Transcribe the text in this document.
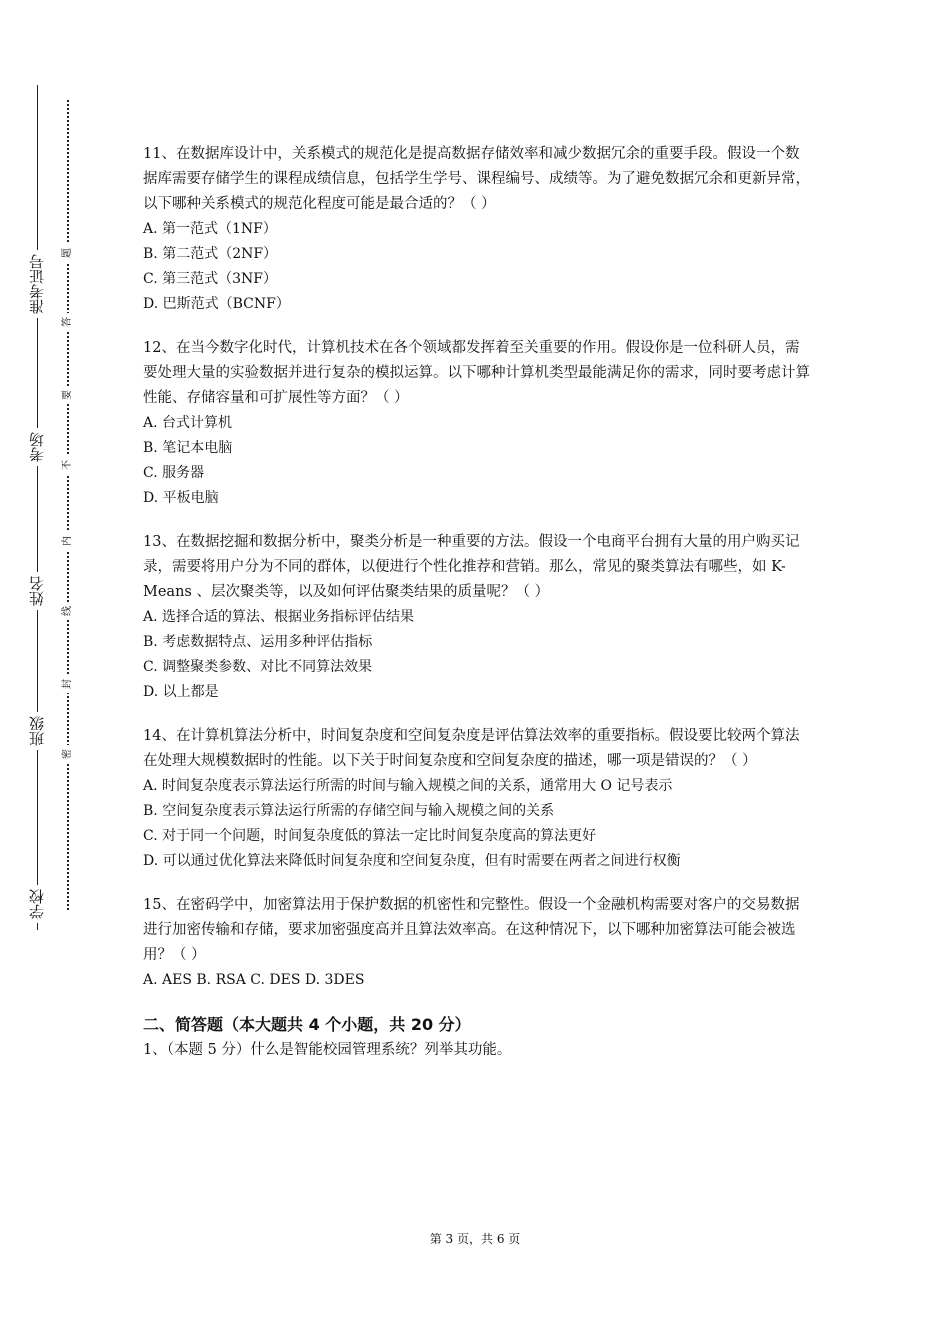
准考证号
考场
姓名
班级
学校
题
答
要
不
内
线
封
密

11、在数据库设计中，关系模式的规范化是提高数据存储效率和减少数据冗余的重要手段。假设一个数据库需要存储学生的课程成绩信息，包括学生学号、课程编号、成绩等。为了避免数据冗余和更新异常，以下哪种关系模式的规范化程度可能是最合适的？（ ）

A. 第一范式（1NF）

B. 第二范式（2NF）

C. 第三范式（3NF）

D. 巴斯范式（BCNF）

12、在当今数字化时代，计算机技术在各个领域都发挥着至关重要的作用。假设你是一位科研人员，需要处理大量的实验数据并进行复杂的模拟运算。以下哪种计算机类型最能满足你的需求，同时要考虑计算性能、存储容量和可扩展性等方面？（ ）

A. 台式计算机

B. 笔记本电脑

C. 服务器

D. 平板电脑

13、在数据挖掘和数据分析中，聚类分析是一种重要的方法。假设一个电商平台拥有大量的用户购买记录，需要将用户分为不同的群体，以便进行个性化推荐和营销。那么，常见的聚类算法有哪些，如 K-Means 、层次聚类等，以及如何评估聚类结果的质量呢？（ ）

A. 选择合适的算法、根据业务指标评估结果

B. 考虑数据特点、运用多种评估指标

C. 调整聚类参数、对比不同算法效果

D. 以上都是

14、在计算机算法分析中，时间复杂度和空间复杂度是评估算法效率的重要指标。假设要比较两个算法在处理大规模数据时的性能。以下关于时间复杂度和空间复杂度的描述，哪一项是错误的？（ ）

A. 时间复杂度表示算法运行所需的时间与输入规模之间的关系，通常用大 O 记号表示

B. 空间复杂度表示算法运行所需的存储空间与输入规模之间的关系

C. 对于同一个问题，时间复杂度低的算法一定比时间复杂度高的算法更好

D. 可以通过优化算法来降低时间复杂度和空间复杂度，但有时需要在两者之间进行权衡

15、在密码学中，加密算法用于保护数据的机密性和完整性。假设一个金融机构需要对客户的交易数据进行加密传输和存储，要求加密强度高并且算法效率高。在这种情况下，以下哪种加密算法可能会被选用？（ ）

A. AES B. RSA C. DES D. 3DES

二、简答题（本大题共 4 个小题，共 20 分）
1、（本题 5 分）什么是智能校园管理系统？列举其功能。
第 3 页，共 6 页
